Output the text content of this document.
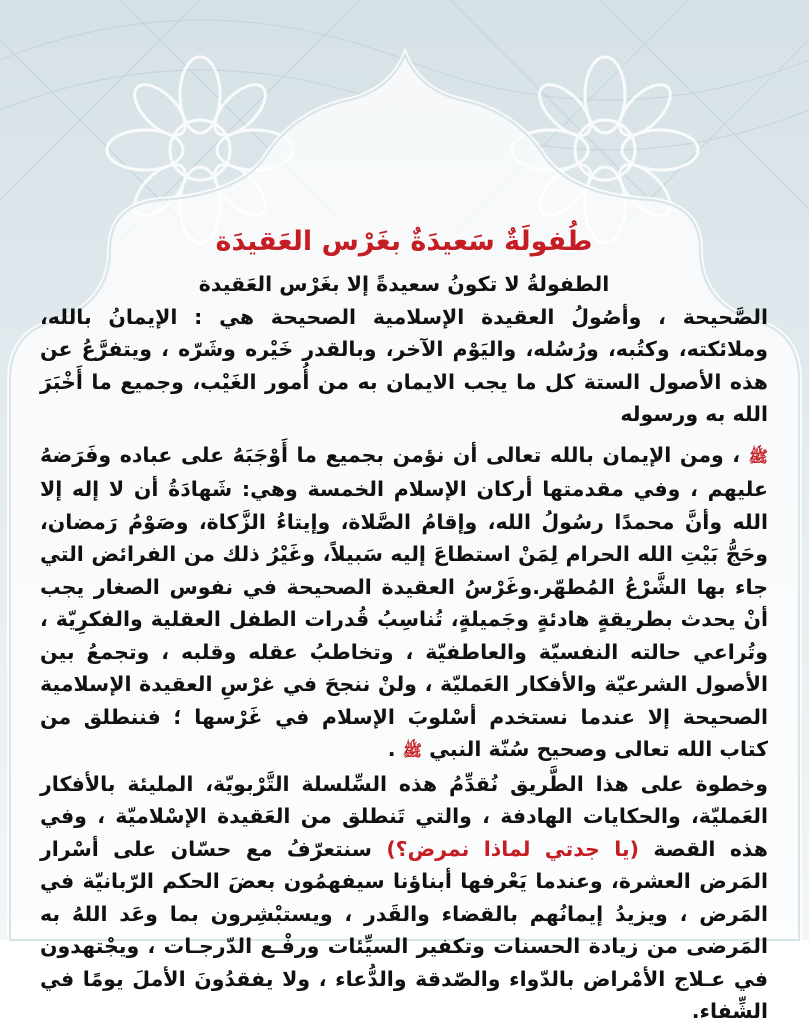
طُفولَةٌ سَعيدَةٌ بغَرْس العَقيدَة

الطفولةُ لا تكونُ سعيدةً إلا بغَرْس العَقيدة
الصَّحيحة ، وأصُولُ العقيدة الإسلامية الصحيحة هي : الإيمانُ بالله، وملائكته، وكتُبه، ورُسُله، واليَوْم الآخر، وبالقدر خَيْره وشَرّه ، ويتفرَّعُ عن هذه الأصول الستة كل ما يجب الايمان به من أُمور الغَيْب، وجميع ما أَخْبَرَ الله به ورسوله

ﷺ ، ومن الإيمان بالله تعالى أن نؤمن بجميع ما أَوْجَبَهُ على عباده وفَرَضهُ عليهم ، وفي مقدمتها أركان الإسلام الخمسة وهي: شَهادَةُ أن لا إله إلا الله وأنَّ محمدًا رسُولُ الله، وإقامُ الصَّلاة، وإيتاءُ الزَّكاة، وصَوْمُ رَمضان، وحَجُّ بَيْتِ الله الحرام لِمَنْ استطاعَ إليه سَبيلاً، وغَيْرُ ذلك من الفرائض التي جاء بها الشَّرْعُ المُطهّر.وغَرْسُ العقيدة الصحيحة في نفوس الصغار يجب أنْ يحدث بطريقةٍ هادئةٍ وجَميلةٍ، تُناسِبُ قُدرات الطفل العقلية والفكرِيّة ، وتُراعي حالته النفسيّة والعاطفيّة ، وتخاطبُ عقله وقلبه ، وتجمعُ بين الأصول الشرعيّة والأفكار العَمليّة ، ولنْ ننجحَ في غرْسِ العقيدة الإسلامية الصحيحة إلا عندما نستخدم أسْلوبَ الإسلام في غَرْسها ؛ فننطلق من كتاب الله تعالى وصحيح سُنّة النبي ﷺ .

وخطوة على هذا الطَّريق نُقدِّمُ هذه السِّلسلة التَّرْبويّة، المليئة بالأفكار العَمليّة، والحكايات الهادفة ، والتي تَنطلق من العَقيدة الإسْلاميّة ، وفي هذه القصة (يا جدتي لماذا نمرض؟) سنتعرّفُ مع حسّان على أسْرار المَرض العشرة، وعندما يَعْرفها أبناؤنا سيفهمُون بعضَ الحكم الرّبانيّة في المَرض ، ويزيدُ إيمانُهم بالقضاء والقَدر ، ويستبْشِرون بما وعَد اللهُ به المَرضى من زيادة الحسنات وتكفير السيِّئات ورفْـع الدّرجـات ، ويجْتهدون في عـلاج الأمْراض بالدّواء والصّدقة والدُّعاء ، ولا يفقدُونَ الأملَ يومًا في الشِّفاء.
